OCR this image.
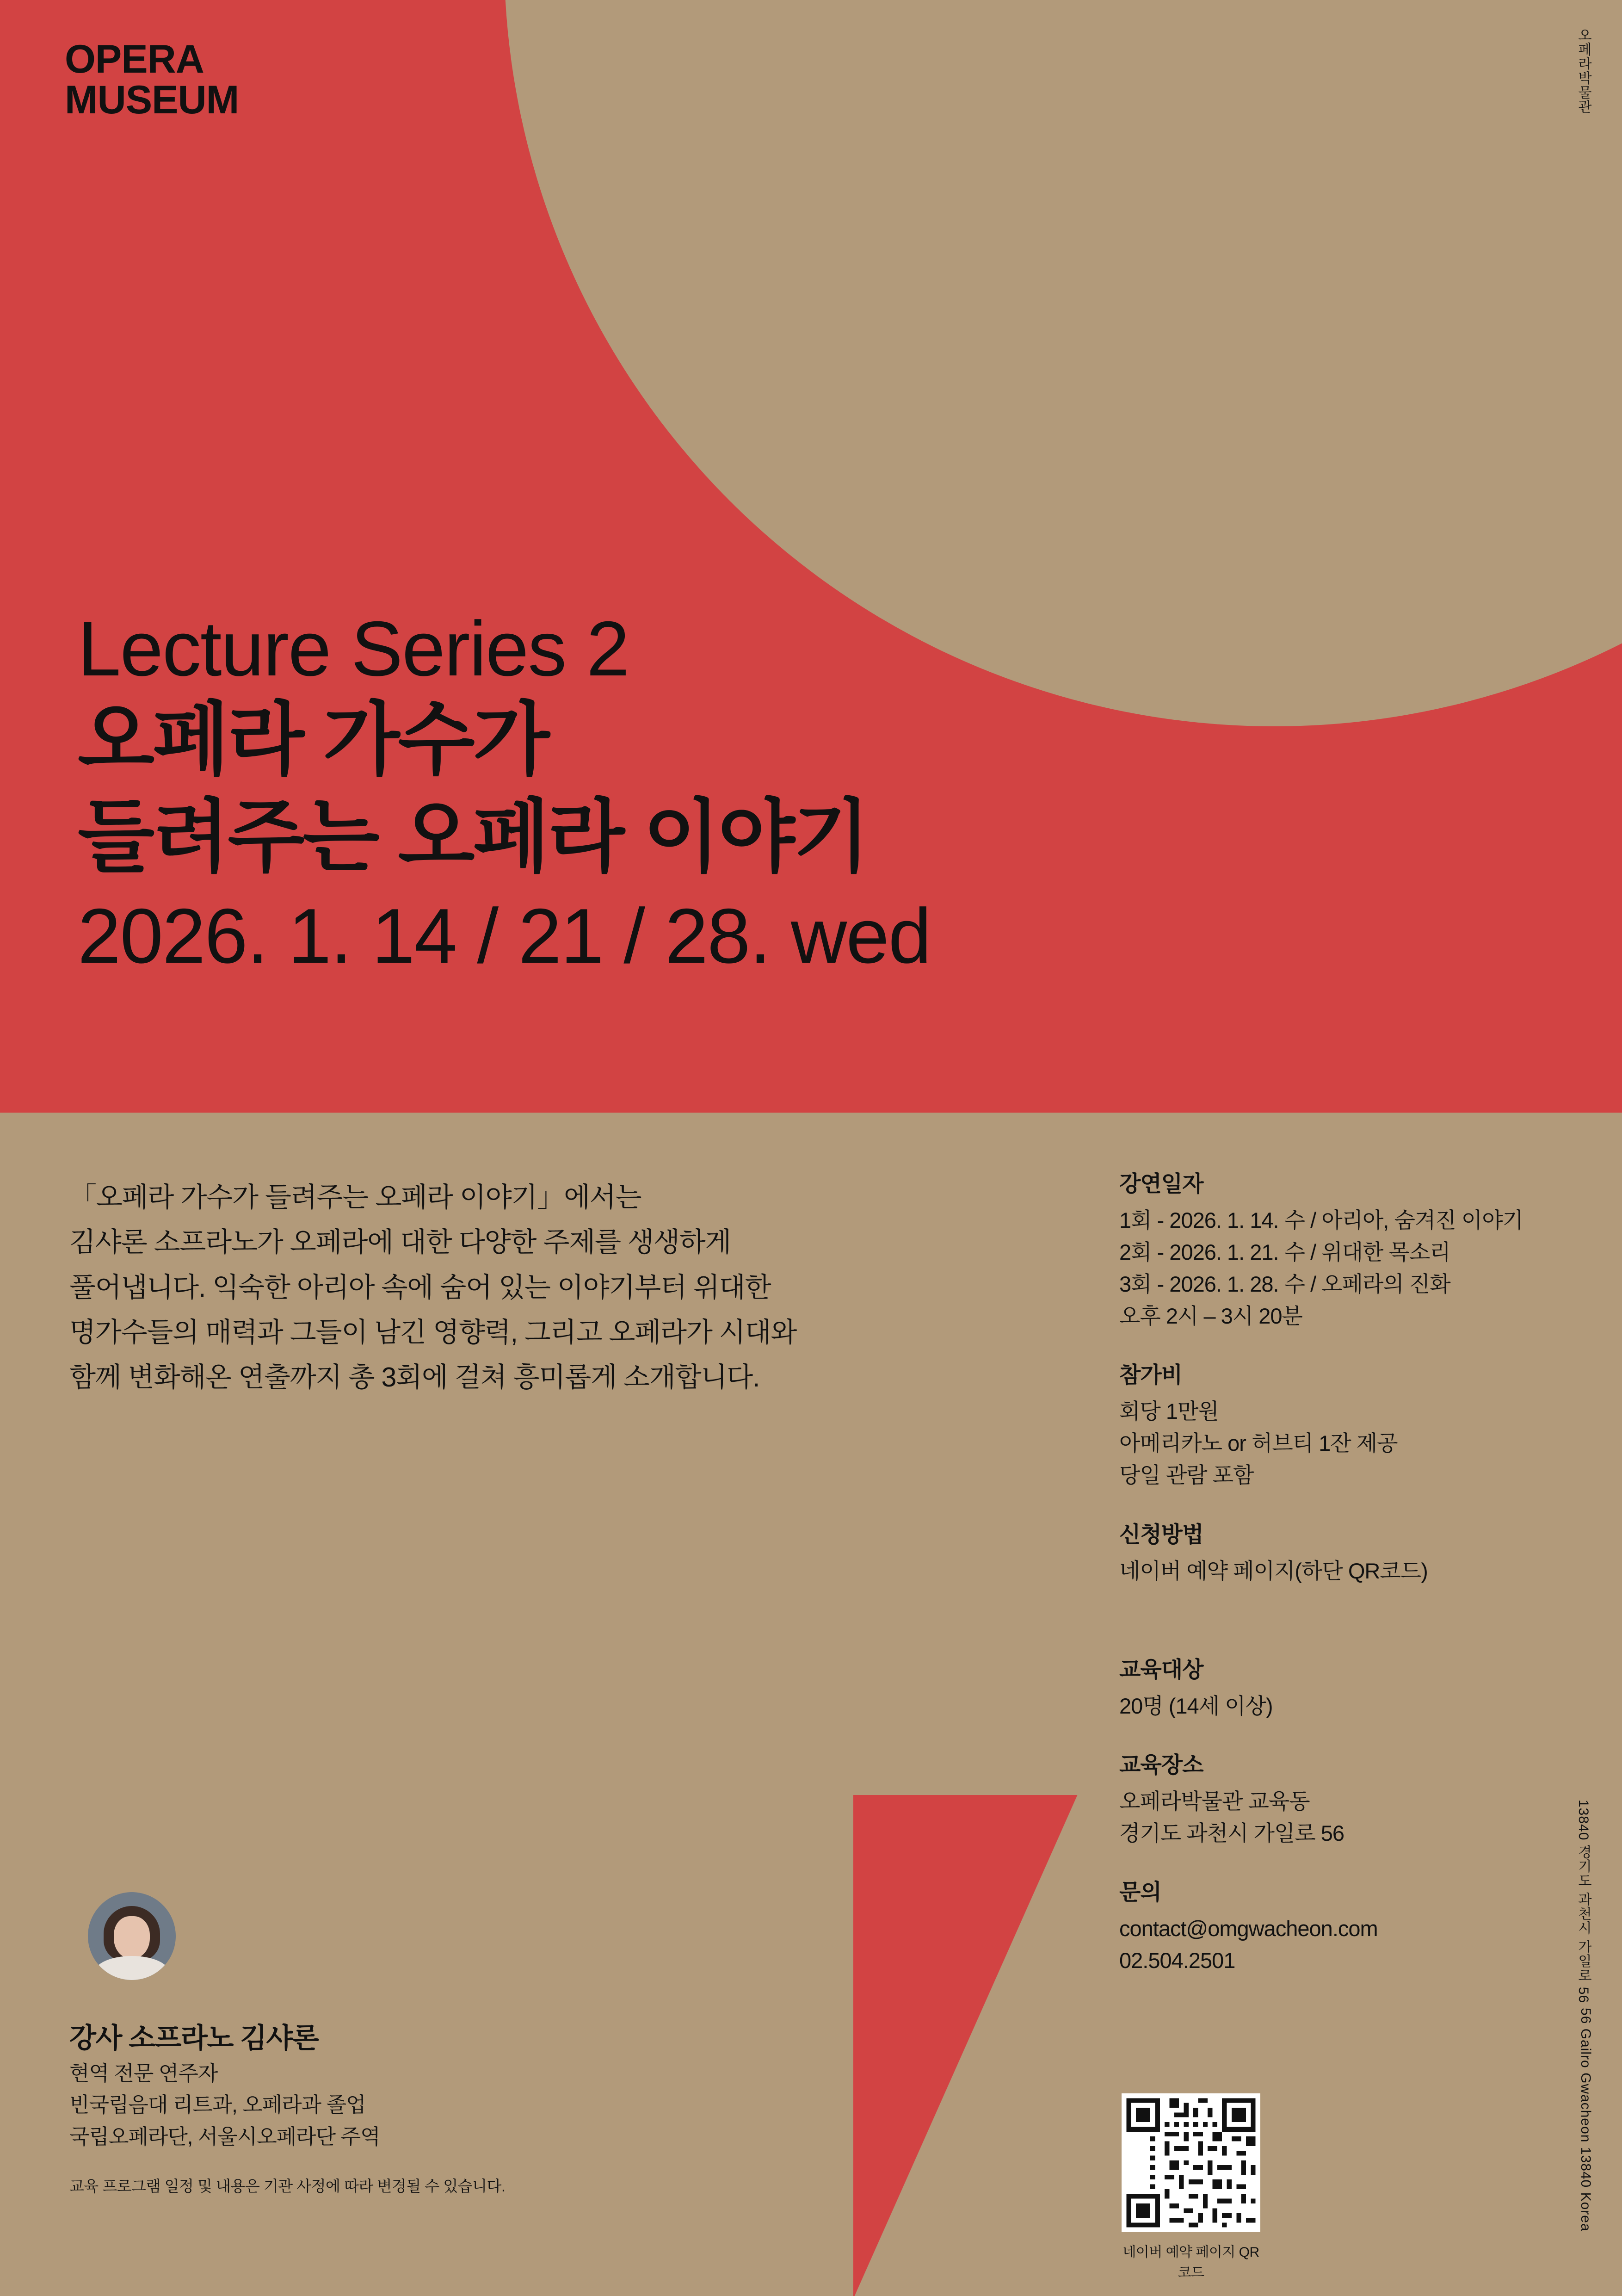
OPERA
MUSEUM	오페라박물관
13840 경기도 과천시 가일로 56
56 Gailro Gwacheon 13840 Korea
Lecture Series 2
오페라 가수가
들려주는 오페라 이야기
2026. 1. 14 / 21 / 28. wed
「오페라 가수가 들려주는 오페라 이야기」에서는
김샤론 소프라노가 오페라에 대한 다양한 주제를 생생하게
풀어냅니다. 익숙한 아리아 속에 숨어 있는 이야기부터 위대한
명가수들의 매력과 그들이 남긴 영향력, 그리고 오페라가 시대와
함께 변화해온 연출까지 총 3회에 걸쳐 흥미롭게 소개합니다.
강연일자
1회 - 2026. 1. 14. 수 / 아리아, 숨겨진 이야기
2회 - 2026. 1. 21. 수 / 위대한 목소리
3회 - 2026. 1. 28. 수 / 오페라의 진화
오후 2시 – 3시 20분
참가비
회당 1만원
아메리카노 or 허브티 1잔 제공
당일 관람 포함
신청방법
네이버 예약 페이지(하단 QR코드)
교육대상
20명 (14세 이상)
교육장소
오페라박물관 교육동
경기도 과천시 가일로 56
문의
contact@omgwacheon.com
02.504.2501
강사 소프라노 김샤론
현역 전문 연주자
빈국립음대 리트과, 오페라과 졸업
국립오페라단, 서울시오페라단 주역
교육 프로그램 일정 및 내용은 기관 사정에 따라 변경될 수 있습니다.
네이버 예약 페이지 QR코드
